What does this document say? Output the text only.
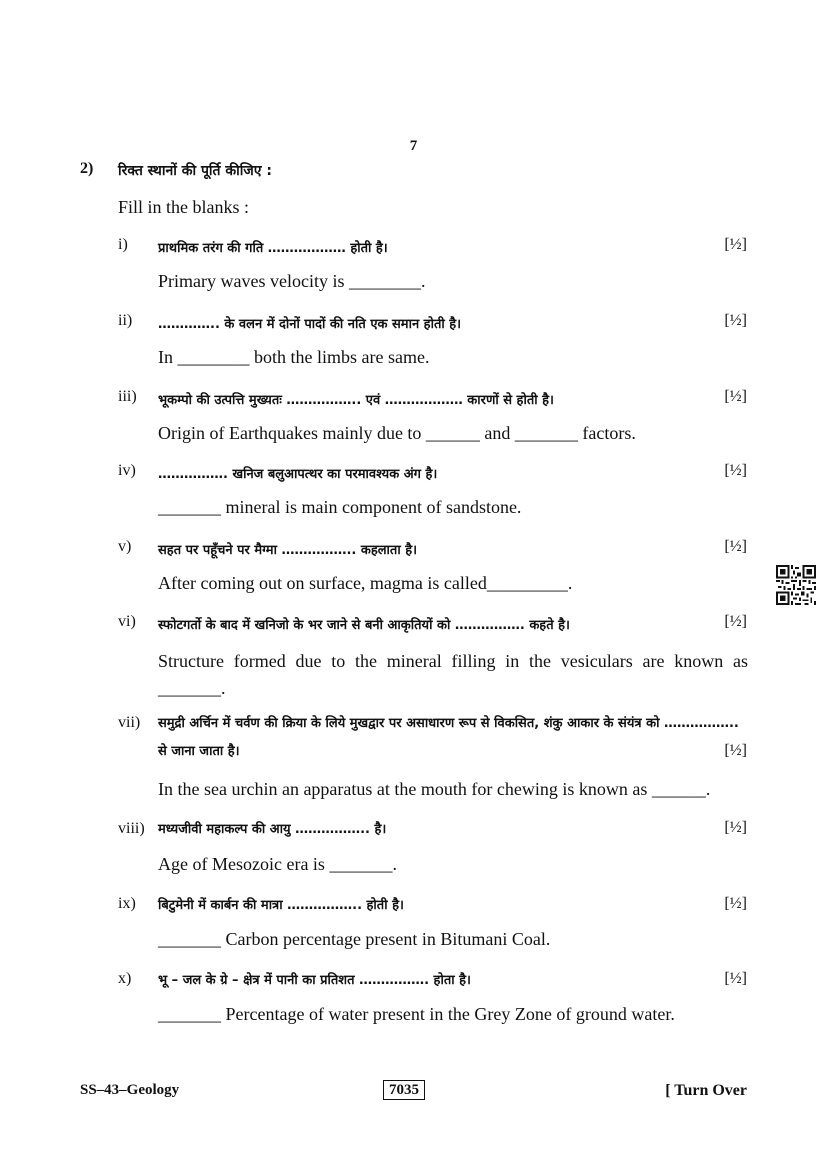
7
2) रिक्त स्थानों की पूर्ति कीजिए :
Fill in the blanks :
i) प्राथमिक तरंग की गति ……………… होती है।	[½]
Primary waves velocity is ________.
ii) ………….. के वलन में दोनों पादों की नति एक समान होती है।	[½]
In ________ both the limbs are same.
iii) भूकम्पो की उत्पत्ति मुख्यतः …………….. एवं ……………… कारणों से होती है।	[½]
Origin of Earthquakes mainly due to ______ and _______ factors.
iv) ……………. खनिज बलुआपत्थर का परमावश्यक अंग है।	[½]
_______ mineral is main component of sandstone.
v) सहत पर पहूँचने पर मैग्मा …………….. कहलाता है।	[½]
After coming out on surface, magma is called_________.
vi) स्फोटगर्तो के बाद में खनिजो के भर जाने से बनी आकृतियों को ……………. कहते है।	[½]
Structure formed due to the mineral filling in the vesiculars are known as _______.
vii) समुद्री अर्चिन में चर्वण की क्रिया के लिये मुखद्वार पर असाधारण रूप से विकसित, शंकु आकार के संयंत्र को …………….. से जाना जाता है।	[½]
In the sea urchin an apparatus at the mouth for chewing is known as ______.
viii) मध्यजीवी महाकल्प की आयु …………….. है।	[½]
Age of Mesozoic era is _______.
ix) बिटुमेनी में कार्बन की मात्रा …………….. होती है।	[½]
_______ Carbon percentage present in Bitumani Coal.
x) भू – जल के ग्रे – क्षेत्र में पानी का प्रतिशत ……………. होता है।	[½]
_______ Percentage of water present in the Grey Zone of ground water.
SS–43–Geology	7035	[ Turn Over
